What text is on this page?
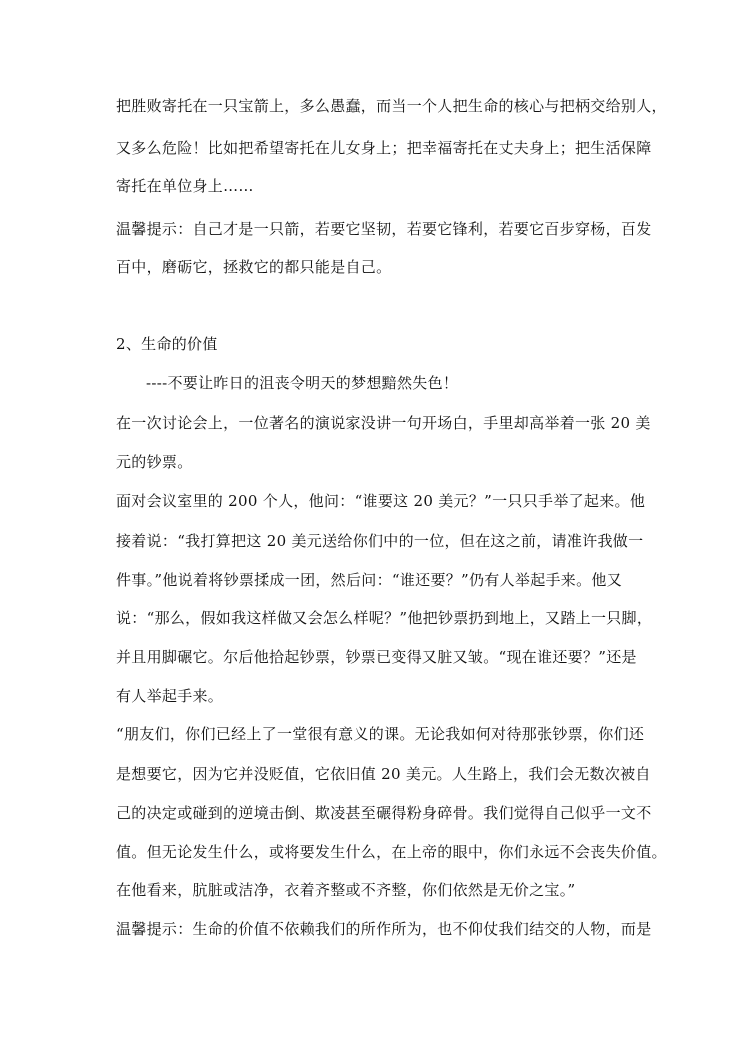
把胜败寄托在一只宝箭上，多么愚蠢，而当一个人把生命的核心与把柄交给别人，
又多么危险！比如把希望寄托在儿女身上；把幸福寄托在丈夫身上；把生活保障
寄托在单位身上……
温馨提示：自己才是一只箭，若要它坚韧，若要它锋利，若要它百步穿杨，百发
百中，磨砺它，拯救它的都只能是自己。
2、生命的价值
----不要让昨日的沮丧令明天的梦想黯然失色！
在一次讨论会上，一位著名的演说家没讲一句开场白，手里却高举着一张 20 美
元的钞票。
面对会议室里的 200 个人，他问：“谁要这 20 美元？”一只只手举了起来。他
接着说：“我打算把这 20 美元送给你们中的一位，但在这之前，请准许我做一
件事。”他说着将钞票揉成一团，然后问：“谁还要？”仍有人举起手来。他又
说：“那么，假如我这样做又会怎么样呢？”他把钞票扔到地上，又踏上一只脚，
并且用脚碾它。尔后他拾起钞票，钞票已变得又脏又皱。“现在谁还要？”还是
有人举起手来。
“朋友们，你们已经上了一堂很有意义的课。无论我如何对待那张钞票，你们还
是想要它，因为它并没贬值，它依旧值 20 美元。人生路上，我们会无数次被自
己的决定或碰到的逆境击倒、欺凌甚至碾得粉身碎骨。我们觉得自己似乎一文不
值。但无论发生什么，或将要发生什么，在上帝的眼中，你们永远不会丧失价值。
在他看来，肮脏或洁净，衣着齐整或不齐整，你们依然是无价之宝。”
温馨提示：生命的价值不依赖我们的所作所为，也不仰仗我们结交的人物，而是
